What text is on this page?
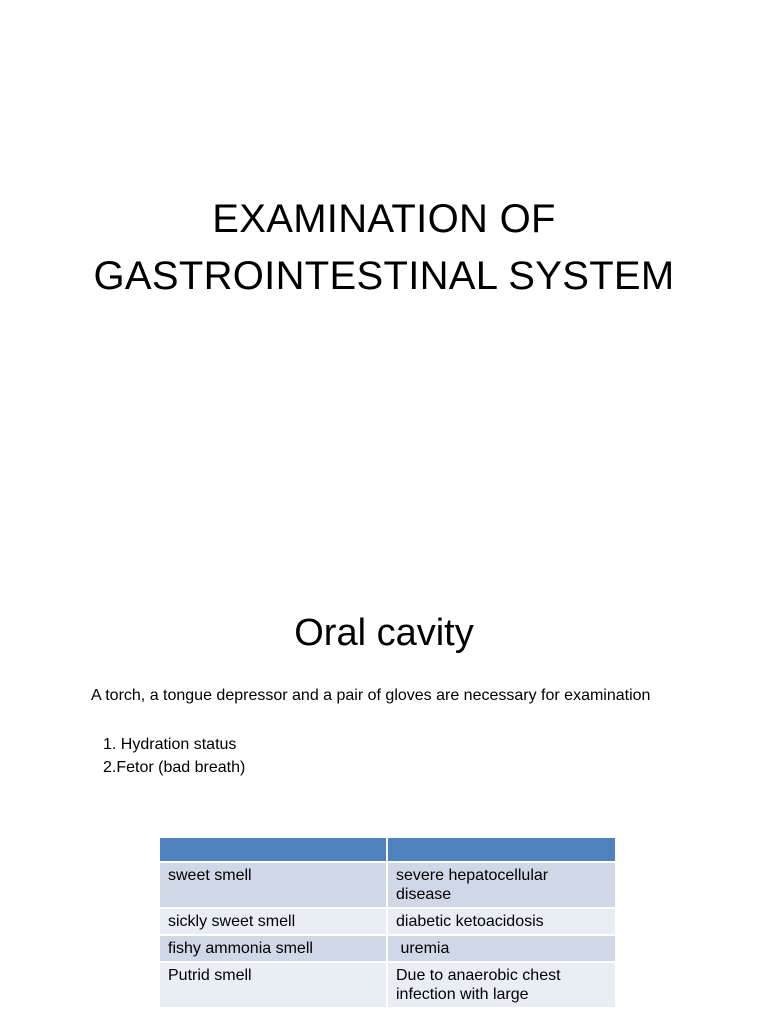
EXAMINATION OF
GASTROINTESTINAL SYSTEM
Oral cavity
A torch, a tongue depressor and a pair of gloves are necessary for examination
1. Hydration status
2.Fetor (bad breath)

sweet smell	severe hepatocellular disease
sickly sweet smell	diabetic ketoacidosis
fishy ammonia smell	uremia
Putrid smell	Due to anaerobic chest infection with large
